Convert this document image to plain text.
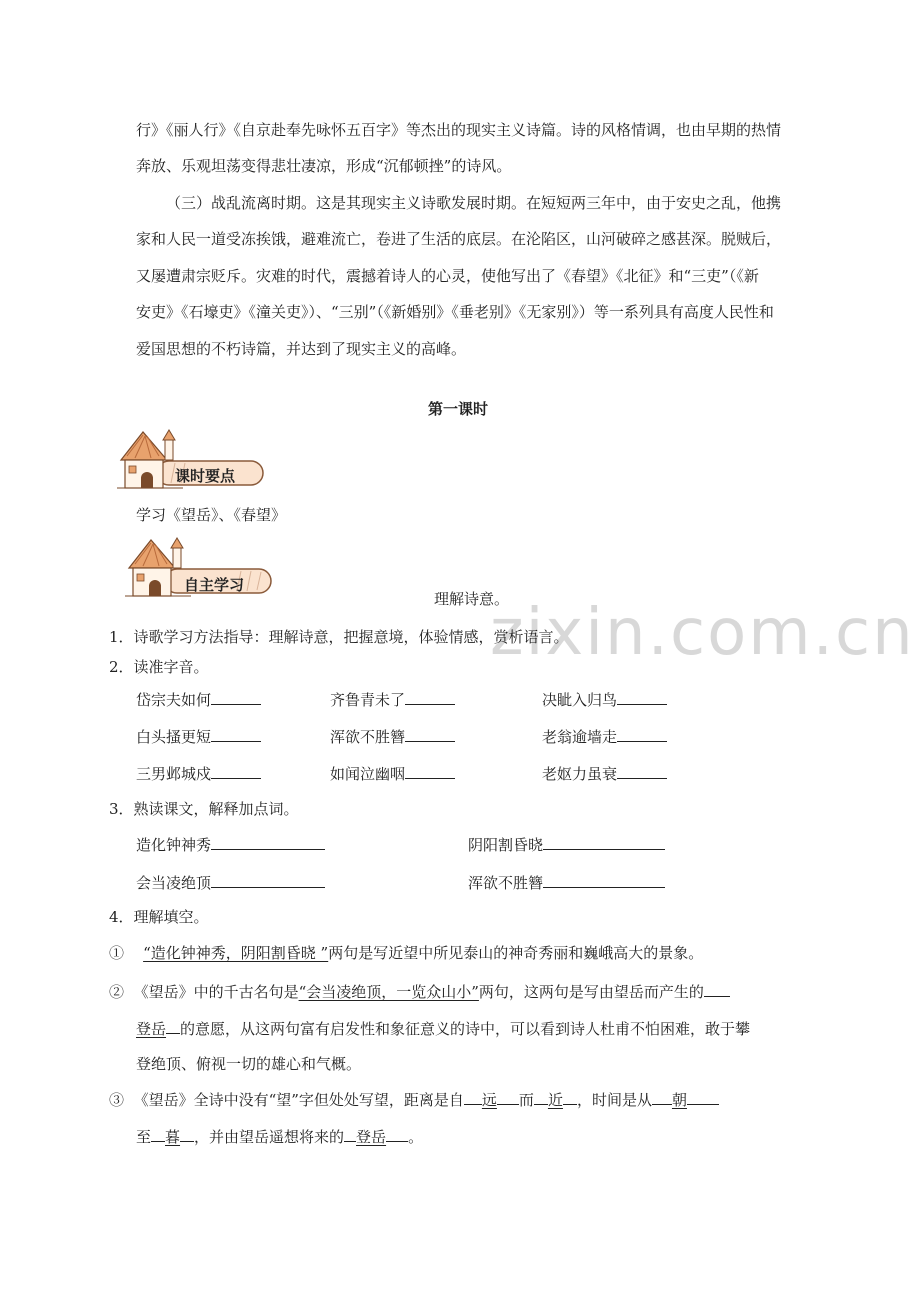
行》《丽人行》《自京赴奉先咏怀五百字》等杰出的现实主义诗篇。诗的风格情调，也由早期的热情
奔放、乐观坦荡变得悲壮凄凉，形成“沉郁顿挫”的诗风。
（三）战乱流离时期。这是其现实主义诗歌发展时期。在短短两三年中，由于安史之乱，他携
家和人民一道受冻挨饿，避难流亡，卷进了生活的底层。在沦陷区，山河破碎之感甚深。脱贼后，
又屡遭肃宗贬斥。灾难的时代，震撼着诗人的心灵，使他写出了《春望》《北征》和“三吏”（《新
安吏》《石壕吏》《潼关吏》）、“三别”（《新婚别》《垂老别》《无家别》）等一系列具有高度人民性和
爱国思想的不朽诗篇，并达到了现实主义的高峰。
第一课时
课时要点
学习《望岳》、《春望》
自主学习
理解诗意。
zixin.com.cn
1．诗歌学习方法指导：理解诗意，把握意境，体验情感，赏析语言。
2．读准字音。
岱宗夫如何	齐鲁青未了	决眦入归鸟
白头搔更短	浑欲不胜簪	老翁逾墙走
三男邺城戍	如闻泣幽咽	老妪力虽衰
3．熟读课文，解释加点词。
造化钟神秀	阴阳割昏晓
会当凌绝顶	浑欲不胜簪
4．理解填空。
① “造化钟神秀，阴阳割昏晓 ”两句是写近望中所见泰山的神奇秀丽和巍峨高大的景象。
② 《望岳》中的千古名句是“会当凌绝顶，一览众山小”两句，这两句是写由望岳而产生的
登岳 的意愿，从这两句富有启发性和象征意义的诗中，可以看到诗人杜甫不怕困难，敢于攀
登绝顶、俯视一切的雄心和气概。
③ 《望岳》全诗中没有“望”字但处处写望，距离是自 远 而 近 ，时间是从 朝
至 暮 ，并由望岳遥想将来的 登岳 。
